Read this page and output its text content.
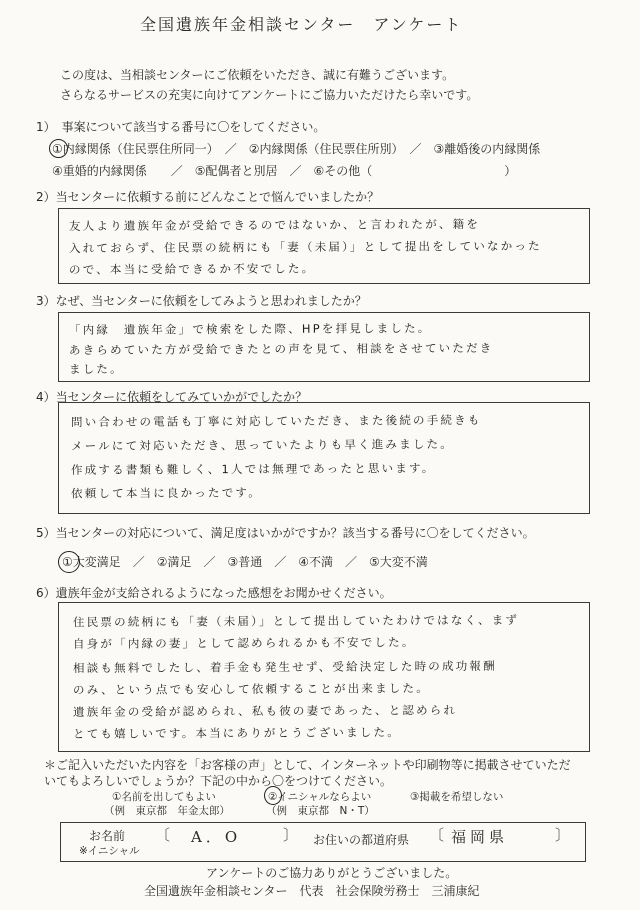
全国遺族年金相談センター　アンケート
この度は、当相談センターにご依頼をいただき、誠に有難うございます。
さらなるサービスの充実に向けてアンケートにご協力いただけたら幸いです。
1）　事案について該当する番号に〇をしてください。
①内縁関係（住民票住所同一）　／　②内縁関係（住民票住所別）　／　③離婚後の内縁関係
④重婚的内縁関係　　／　⑤配偶者と別居　／　⑥その他（　　　　　　　　　　　）
2）当センターに依頼する前にどんなことで悩んでいましたか？
友人より遺族年金が受給できるのではないか、と言われたが、籍を
入れておらず、住民票の続柄にも「妻（未届）」として提出をしていなかった
ので、本当に受給できるか不安でした。
3）なぜ、当センターに依頼をしてみようと思われましたか？
「内縁　遺族年金」で検索をした際、HPを拝見しました。
あきらめていた方が受給できたとの声を見て、相談をさせていただき
ました。
4）当センターに依頼をしてみていかがでしたか？
問い合わせの電話も丁寧に対応していただき、また後続の手続きも
メールにて対応いただき、思っていたよりも早く進みました。
作成する書類も難しく、1人では無理であったと思います。
依頼して本当に良かったです。
5）当センターの対応について、満足度はいかがですか？該当する番号に〇をしてください。
①大変満足　／　②満足　／　③普通　／　④不満　／　⑤大変不満
6）遺族年金が支給されるようになった感想をお聞かせください。
住民票の続柄にも「妻（未届）」として提出していたわけではなく、まず
自身が「内縁の妻」として認められるかも不安でした。
相談も無料でしたし、着手金も発生せず、受給決定した時の成功報酬
のみ、という点でも安心して依頼することが出来ました。
遺族年金の受給が認められ、私も彼の妻であった、と認められ
とても嬉しいです。本当にありがとうございました。
＊ご記入いただいた内容を「お客様の声」として、インターネットや印刷物等に掲載させていただ
いてもよろしいでしょうか？下記の中から〇をつけてください。
①名前を出してもよい
（例　東京都　年金太郎）
②イニシャルならよい
（例　東京都　N・T）
③掲載を希望しない
お名前
※イニシャル
〔 A．O	〕 お住いの都道府県 〔 福岡県	〕
アンケートのご協力ありがとうございました。
全国遺族年金相談センター　代表　社会保険労務士　三浦康紀
